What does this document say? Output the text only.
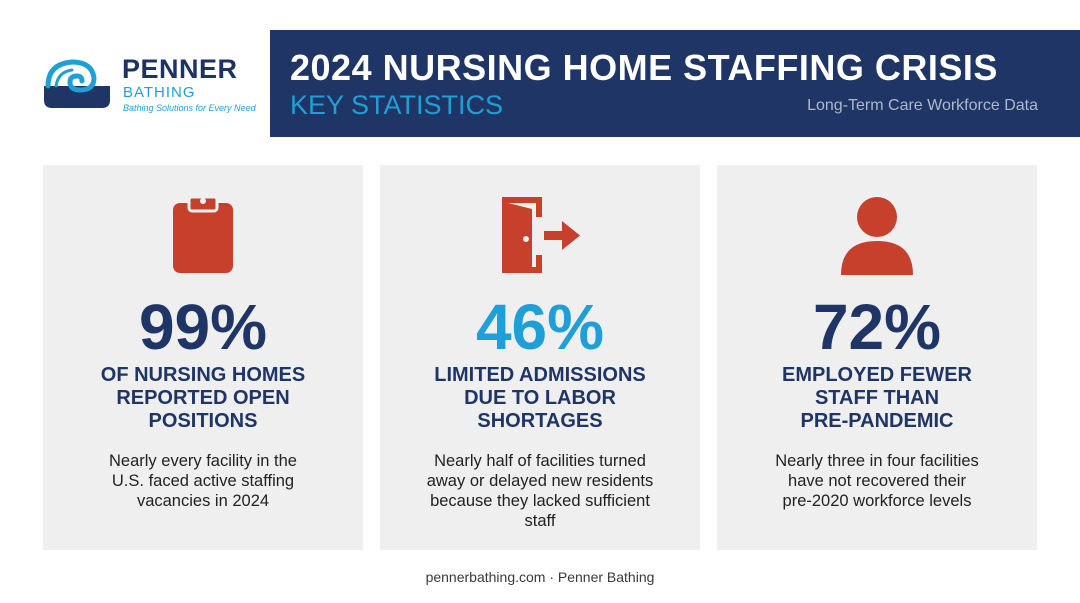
PENNER
BATHING
Bathing Solutions for Every Need
2024 NURSING HOME STAFFING CRISIS
KEY STATISTICS	Long-Term Care Workforce Data
99%
OF NURSING HOMES
REPORTED OPEN
POSITIONS
Nearly every facility in the
U.S. faced active staffing
vacancies in 2024
46%
LIMITED ADMISSIONS
DUE TO LABOR
SHORTAGES
Nearly half of facilities turned
away or delayed new residents
because they lacked sufficient
staff
72%
EMPLOYED FEWER
STAFF THAN
PRE-PANDEMIC
Nearly three in four facilities
have not recovered their
pre-2020 workforce levels
pennerbathing.com · Penner Bathing
